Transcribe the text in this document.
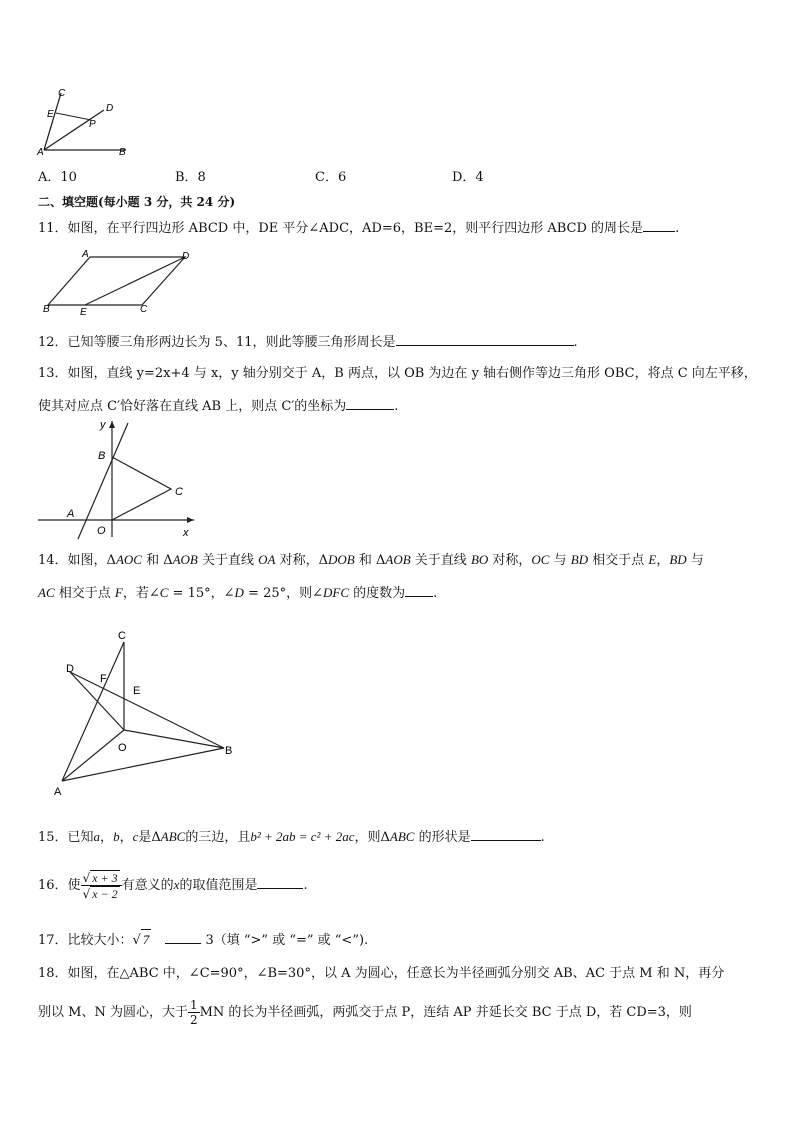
C
E
P
D
A	B
A．10	B．8	C．6	D．4
二、填空题(每小题 3 分，共 24 分)
11．如图，在平行四边形 ABCD 中，DE 平分∠ADC，AD=6，BE=2，则平行四边形 ABCD 的周长是 .
A	D
B	E	C
12．已知等腰三角形两边长为 5、11，则此等腰三角形周长是	.
13．如图，直线 y=2x+4 与 x，y 轴分别交于 A，B 两点，以 OB 为边在 y 轴右侧作等边三角形 OBC，将点 C 向左平移，
使其对应点 C′恰好落在直线 AB 上，则点 C′的坐标为	.
y
B
C
A
O	x
14．如图，ΔAOC 和 ΔAOB 关于直线 OA 对称，ΔDOB 和 ΔAOB 关于直线 BO 对称，OC 与 BD 相交于点 E，BD 与
AC 相交于点 F，若∠C = 15°，∠D = 25°，则∠DFC 的度数为 .
C
D
F
E
O	B
A
15．已知a，b，c是ΔABC的三边，且b² + 2ab = c² + 2ac，则ΔABC 的形状是	.
16．使 $\frac{√ x + 3}{√ x - 2}$ 有意义的x的取值范围是	.
17．比较大小：√ 7	3（填 “>” 或 “=” 或 “<”).
18．如图，在△ABC 中，∠C=90°，∠B=30°，以 A 为圆心，任意长为半径画弧分别交 AB、AC 于点 M 和 N，再分
别以 M、N 为圆心，大于 $\frac{1}{2}$ MN 的长为半径画弧，两弧交于点 P，连结 AP 并延长交 BC 于点 D，若 CD=3，则
